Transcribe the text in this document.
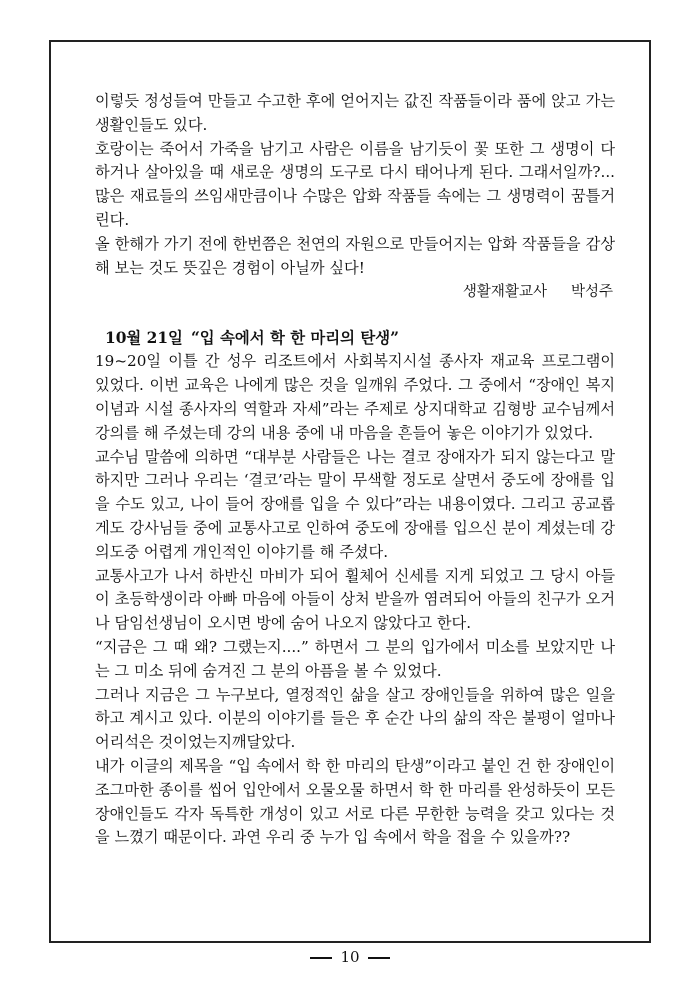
이렇듯 정성들여 만들고 수고한 후에 얻어지는 값진 작품들이라 품에 앉고 가는 생활인들도 있다.

호랑이는 죽어서 가죽을 남기고 사람은 이름을 남기듯이 꽃 또한 그 생명이 다하거나 살아있을 때 새로운 생명의 도구로 다시 태어나게 된다. 그래서일까?... 많은 재료들의 쓰임새만큼이나 수많은 압화 작품들 속에는 그 생명력이 꿈틀거린다.

올 한해가 가기 전에 한번쯤은 천연의 자원으로 만들어지는 압화 작품들을 감상해 보는 것도 뜻깊은 경험이 아닐까 싶다!

생활재활교사 박성주

10월 21일 “입 속에서 학 한 마리의 탄생”

19~20일 이틀 간 성우 리조트에서 사회복지시설 종사자 재교육 프로그램이 있었다. 이번 교육은 나에게 많은 것을 일깨워 주었다. 그 중에서 “장애인 복지이념과 시설 종사자의 역할과 자세”라는 주제로 상지대학교 김형방 교수님께서 강의를 해 주셨는데 강의 내용 중에 내 마음을 흔들어 놓은 이야기가 있었다.

교수님 말씀에 의하면 “대부분 사람들은 나는 결코 장애자가 되지 않는다고 말하지만 그러나 우리는 ‘결코’라는 말이 무색할 정도로 살면서 중도에 장애를 입을 수도 있고, 나이 들어 장애를 입을 수 있다”라는 내용이였다. 그리고 공교롭게도 강사님들 중에 교통사고로 인하여 중도에 장애를 입으신 분이 계셨는데 강의도중 어렵게 개인적인 이야기를 해 주셨다.

교통사고가 나서 하반신 마비가 되어 휠체어 신세를 지게 되었고 그 당시 아들이 초등학생이라 아빠 마음에 아들이 상처 받을까 염려되어 아들의 친구가 오거나 담임선생님이 오시면 방에 숨어 나오지 않았다고 한다.

“지금은 그 때 왜? 그랬는지....” 하면서 그 분의 입가에서 미소를 보았지만 나는 그 미소 뒤에 숨겨진 그 분의 아픔을 볼 수 있었다.

그러나 지금은 그 누구보다, 열정적인 삶을 살고 장애인들을 위하여 많은 일을 하고 계시고 있다. 이분의 이야기를 들은 후 순간 나의 삶의 작은 불평이 얼마나 어리석은 것이었는지깨달았다.

내가 이글의 제목을 “입 속에서 학 한 마리의 탄생”이라고 붙인 건 한 장애인이 조그마한 종이를 씹어 입안에서 오물오물 하면서 학 한 마리를 완성하듯이 모든 장애인들도 각자 독특한 개성이 있고 서로 다른 무한한 능력을 갖고 있다는 것을 느꼈기 때문이다. 과연 우리 중 누가 입 속에서 학을 접을 수 있을까??

10
